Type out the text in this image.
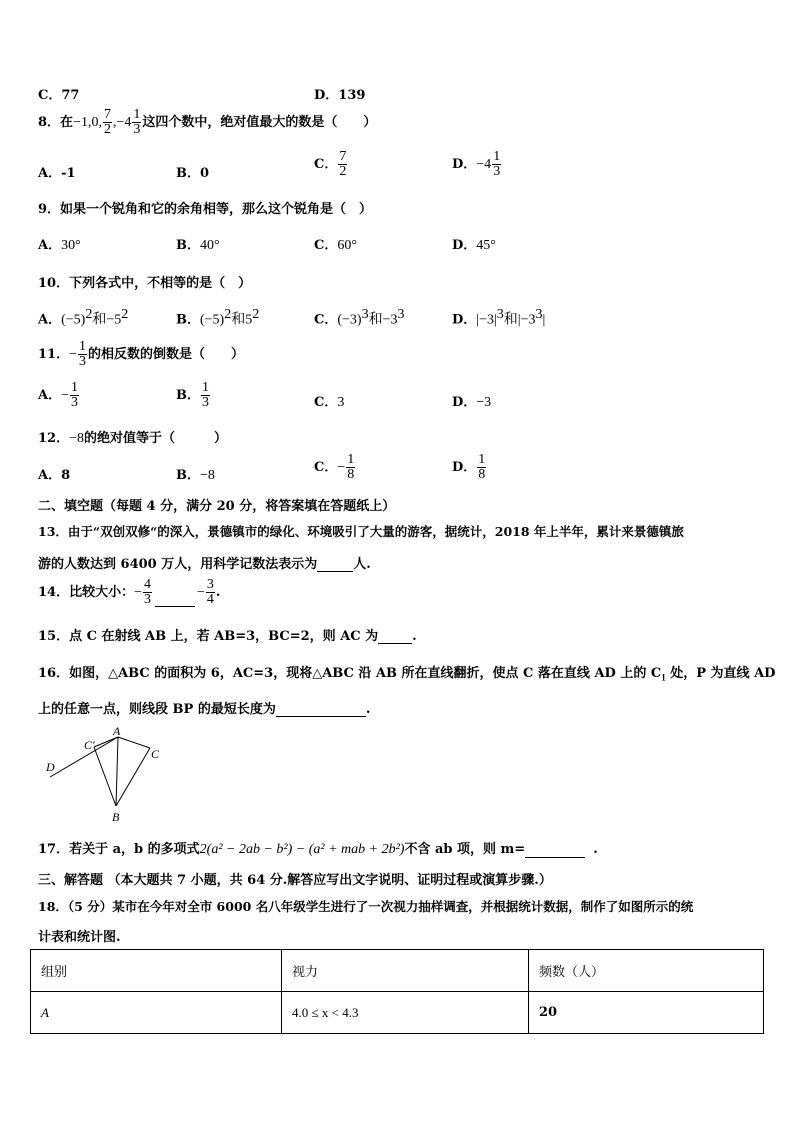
C．77	D．139
8．在−1,0, $\frac{7}{2} ,-4 \frac{1}{3}$ 这四个数中，绝对值最大的数是（　　）
A．-1	B．0
C． $\frac{7}{2}$	D．$-4 \frac{1}{3}$
9．如果一个锐角和它的余角相等，那么这个锐角是（　）
A．30°	B．40°	C．60°	D．45°
10．下列各式中，不相等的是（　）
A．$(-5)^2$和$-5^2$	B．$(-5)^2$和$5^2$	C．$(-3)^3$和$-3^3$	D．$|-3|^3$和$|-3^3|$
11．− $\frac{1}{3}$ 的相反数的倒数是（　　）
A．− $\frac{1}{3}$	B． $\frac{1}{3}$	C．3	D．−3
12．−8的绝对值等于（　　　）
A．8	B．−8
C．− $\frac{1}{8}$	D． $\frac{1}{8}$
二、填空题（每题 4 分，满分 20 分，将答案填在答题纸上）
13．由于“双创双修“的深入，景德镇市的绿化、环境吸引了大量的游客，据统计，2018 年上半年，累计来景德镇旅
游的人数达到 6400 万人，用科学记数法表示为	人.
14．比较大小：− $\frac{4}{3}$	− $\frac{3}{4}$ .
15．点 C 在射线 AB 上，若 AB=3，BC=2，则 AC 为	.
16．如图，△ABC 的面积为 6，AC=3，现将△ABC 沿 AB 所在直线翻折，使点 C 落在直线 AD 上的 $C_1$ 处，P 为直线 AD
上的任意一点，则线段 BP 的最短长度为	.
A
B
C
C′
D
17．若关于 a，b 的多项式2(a² − 2ab − b²) − (a² + mab + 2b²)不含 ab 项，则 m=	.
三、解答题 （本大题共 7 小题，共 64 分.解答应写出文字说明、证明过程或演算步骤.）
18．（5 分）某市在今年对全市 6000 名八年级学生进行了一次视力抽样调查，并根据统计数据，制作了如图所示的统
计表和统计图.
组别	视力	频数（人）
A	4.0 ≤ x < 4.3	20
